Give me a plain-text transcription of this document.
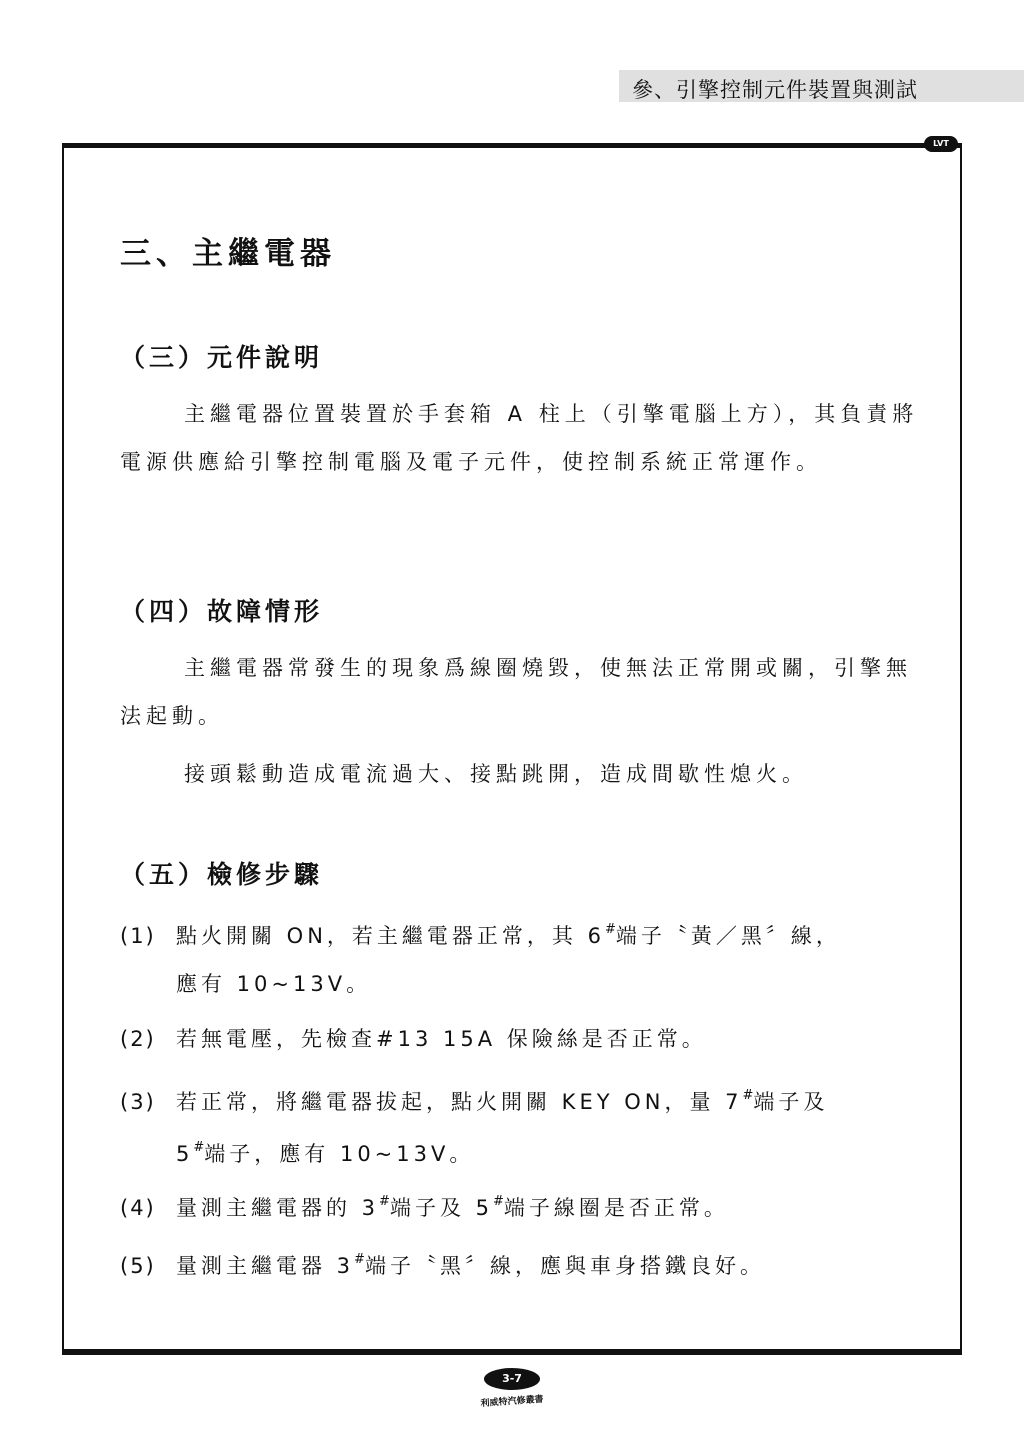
參、引擎控制元件裝置與測試
LVT
三、主繼電器
（三）元件說明
主繼電器位置裝置於手套箱 A 柱上（引擎電腦上方），其負責將電源供應給引擎控制電腦及電子元件，使控制系統正常運作。
（四）故障情形
主繼電器常發生的現象爲線圈燒毀，使無法正常開或關，引擎無法起動。
接頭鬆動造成電流過大、接點跳開，造成間歇性熄火。
（五）檢修步驟
(1) 點火開關 ON，若主繼電器正常，其 6#端子〝黃／黑〞線，
應有 10~13V。
(2) 若無電壓，先檢查#13 15A 保險絲是否正常。
(3) 若正常，將繼電器拔起，點火開關 KEY ON，量 7#端子及
5#端子，應有 10~13V。
(4) 量測主繼電器的 3#端子及 5#端子線圈是否正常。
(5) 量測主繼電器 3#端子〝黑〞線，應與車身搭鐵良好。
3-7
利威特汽修叢書
